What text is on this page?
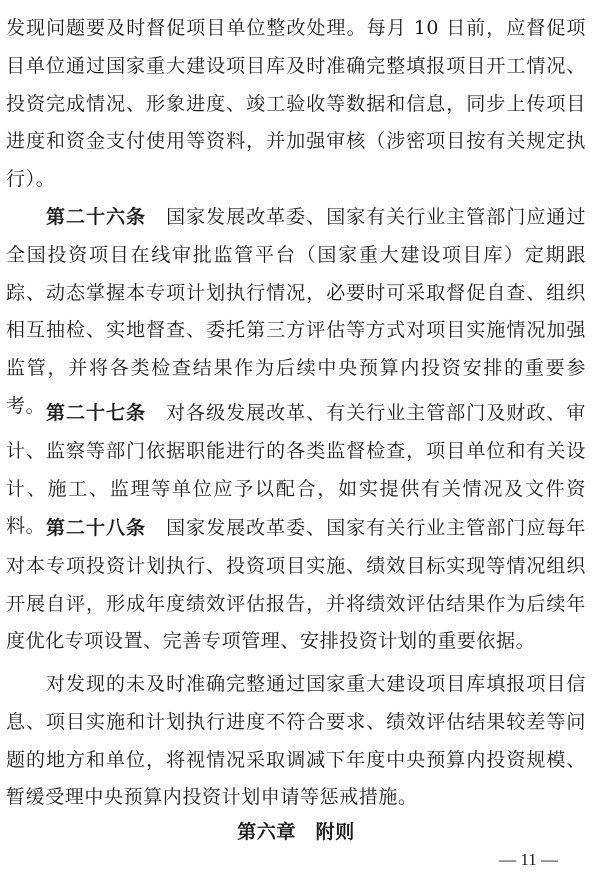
发现问题要及时督促项目单位整改处理。每月 10 日前，应督促项目单位通过国家重大建设项目库及时准确完整填报项目开工情况、投资完成情况、形象进度、竣工验收等数据和信息，同步上传项目进度和资金支付使用等资料，并加强审核（涉密项目按有关规定执行）。

第二十六条　 国家发展改革委、国家有关行业主管部门应通过全国投资项目在线审批监管平台（国家重大建设项目库）定期跟踪、动态掌握本专项计划执行情况，必要时可采取督促自查、组织相互抽检、实地督查、委托第三方评估等方式对项目实施情况加强监管，并将各类检查结果作为后续中央预算内投资安排的重要参考。 第二十七条　 对各级发展改革、有关行业主管部门及财政、审计、监察等部门依据职能进行的各类监督检查，项目单位和有关设计、施工、监理等单位应予以配合，如实提供有关情况及文件资料。 第二十八条　 国家发展改革委、国家有关行业主管部门应每年对本专项投资计划执行、投资项目实施、绩效目标实现等情况组织开展自评，形成年度绩效评估报告，并将绩效评估结果作为后续年度优化专项设置、完善专项管理、安排投资计划的重要依据。

对发现的未及时准确完整通过国家重大建设项目库填报项目信息、项目实施和计划执行进度不符合要求、绩效评估结果较差等问题的地方和单位，将视情况采取调减下年度中央预算内投资规模、暂缓受理中央预算内投资计划申请等惩戒措施。

第六章　附则
— 11 —
